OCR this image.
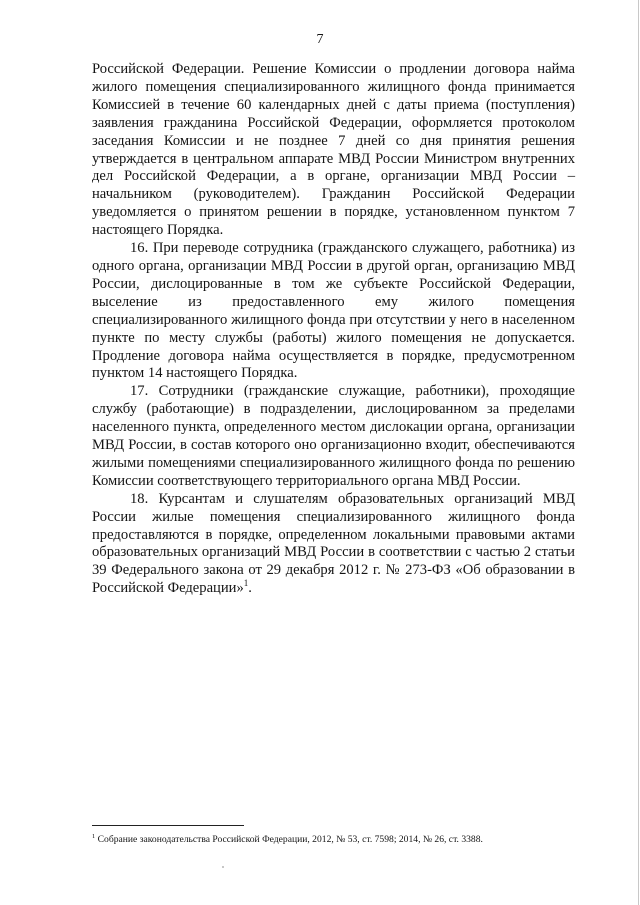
7

Российской Федерации. Решение Комиссии о продлении договора найма жилого помещения специализированного жилищного фонда принимается Комиссией в течение 60 календарных дней с даты приема (поступления) заявления гражданина Российской Федерации, оформляется протоколом заседания Комиссии и не позднее 7 дней со дня принятия решения утверждается в центральном аппарате МВД России Министром внутренних дел Российской Федерации, а в органе, организации МВД России – начальником (руководителем). Гражданин Российской Федерации уведомляется о принятом решении в порядке, установленном пунктом 7 настоящего Порядка.

16. При переводе сотрудника (гражданского служащего, работника) из одного органа, организации МВД России в другой орган, организацию МВД России, дислоцированные в том же субъекте Российской Федерации, выселение из предоставленного ему жилого помещения специализированного жилищного фонда при отсутствии у него в населенном пункте по месту службы (работы) жилого помещения не допускается. Продление договора найма осуществляется в порядке, предусмотренном пунктом 14 настоящего Порядка.

17. Сотрудники (гражданские служащие, работники), проходящие службу (работающие) в подразделении, дислоцированном за пределами населенного пункта, определенного местом дислокации органа, организации МВД России, в состав которого оно организационно входит, обеспечиваются жилыми помещениями специализированного жилищного фонда по решению Комиссии соответствующего территориального органа МВД России.

18. Курсантам и слушателям образовательных организаций МВД России жилые помещения специализированного жилищного фонда предоставляются в порядке, определенном локальными правовыми актами образовательных организаций МВД России в соответствии с частью 2 статьи 39 Федерального закона от 29 декабря 2012 г. № 273-ФЗ «Об образовании в Российской Федерации»$^1$.

$^1$ Собрание законодательства Российской Федерации, 2012, № 53, ст. 7598; 2014, № 26, ст. 3388.
